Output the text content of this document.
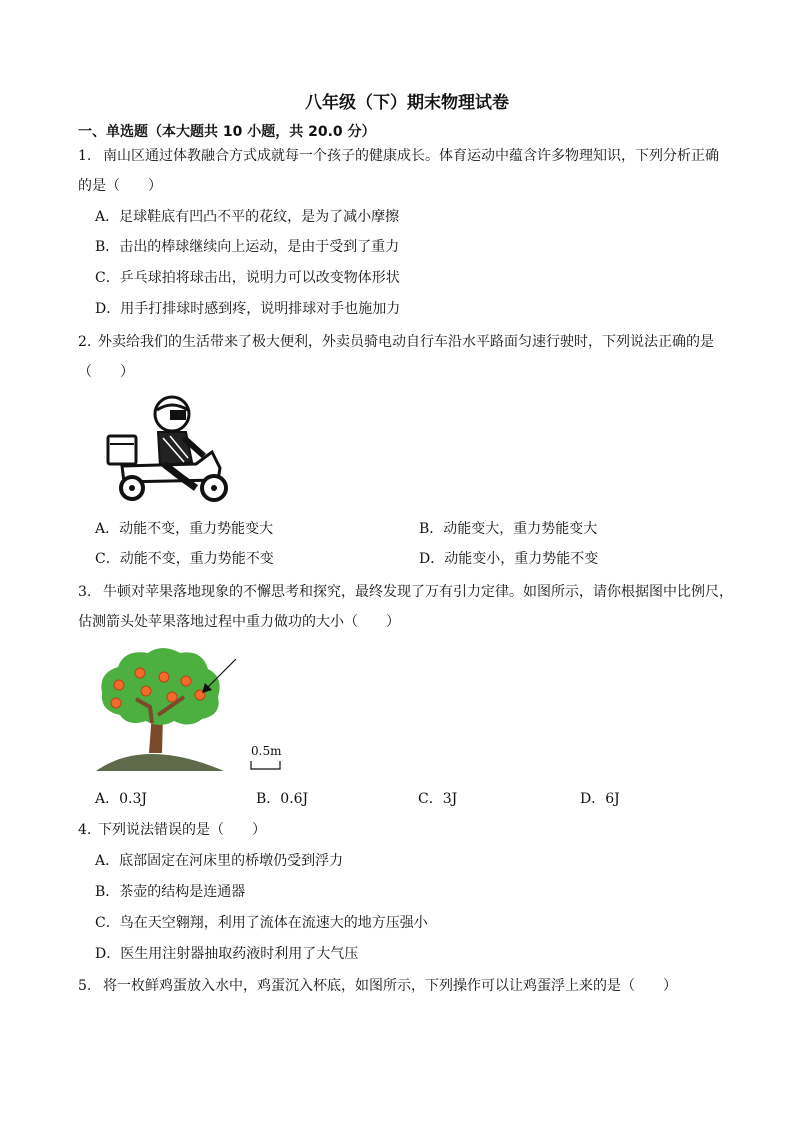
八年级（下）期末物理试卷
一、单选题（本大题共 10 小题，共 20.0 分）
1. 南山区通过体教融合方式成就每一个孩子的健康成长。体育运动中蕴含许多物理知识，下列分析正确
的是（　　）
A．足球鞋底有凹凸不平的花纹，是为了减小摩擦
B．击出的棒球继续向上运动，是由于受到了重力
C．乒乓球拍将球击出，说明力可以改变物体形状
D．用手打排球时感到疼，说明排球对手也施加力
2. 外卖给我们的生活带来了极大便利，外卖员骑电动自行车沿水平路面匀速行驶时，下列说法正确的是
（　　）
A．动能不变，重力势能变大	B．动能变大，重力势能变大
C．动能不变，重力势能不变	D．动能变小，重力势能不变
3. 牛顿对苹果落地现象的不懈思考和探究，最终发现了万有引力定律。如图所示，请你根据图中比例尺，
估测箭头处苹果落地过程中重力做功的大小（　　）
0.5m
A．0.3J	B．0.6J	C．3J	D．6J
4. 下列说法错误的是（　　）
A．底部固定在河床里的桥墩仍受到浮力
B．茶壶的结构是连通器
C．鸟在天空翱翔，利用了流体在流速大的地方压强小
D．医生用注射器抽取药液时利用了大气压
5. 将一枚鲜鸡蛋放入水中，鸡蛋沉入杯底，如图所示，下列操作可以让鸡蛋浮上来的是（　　）
